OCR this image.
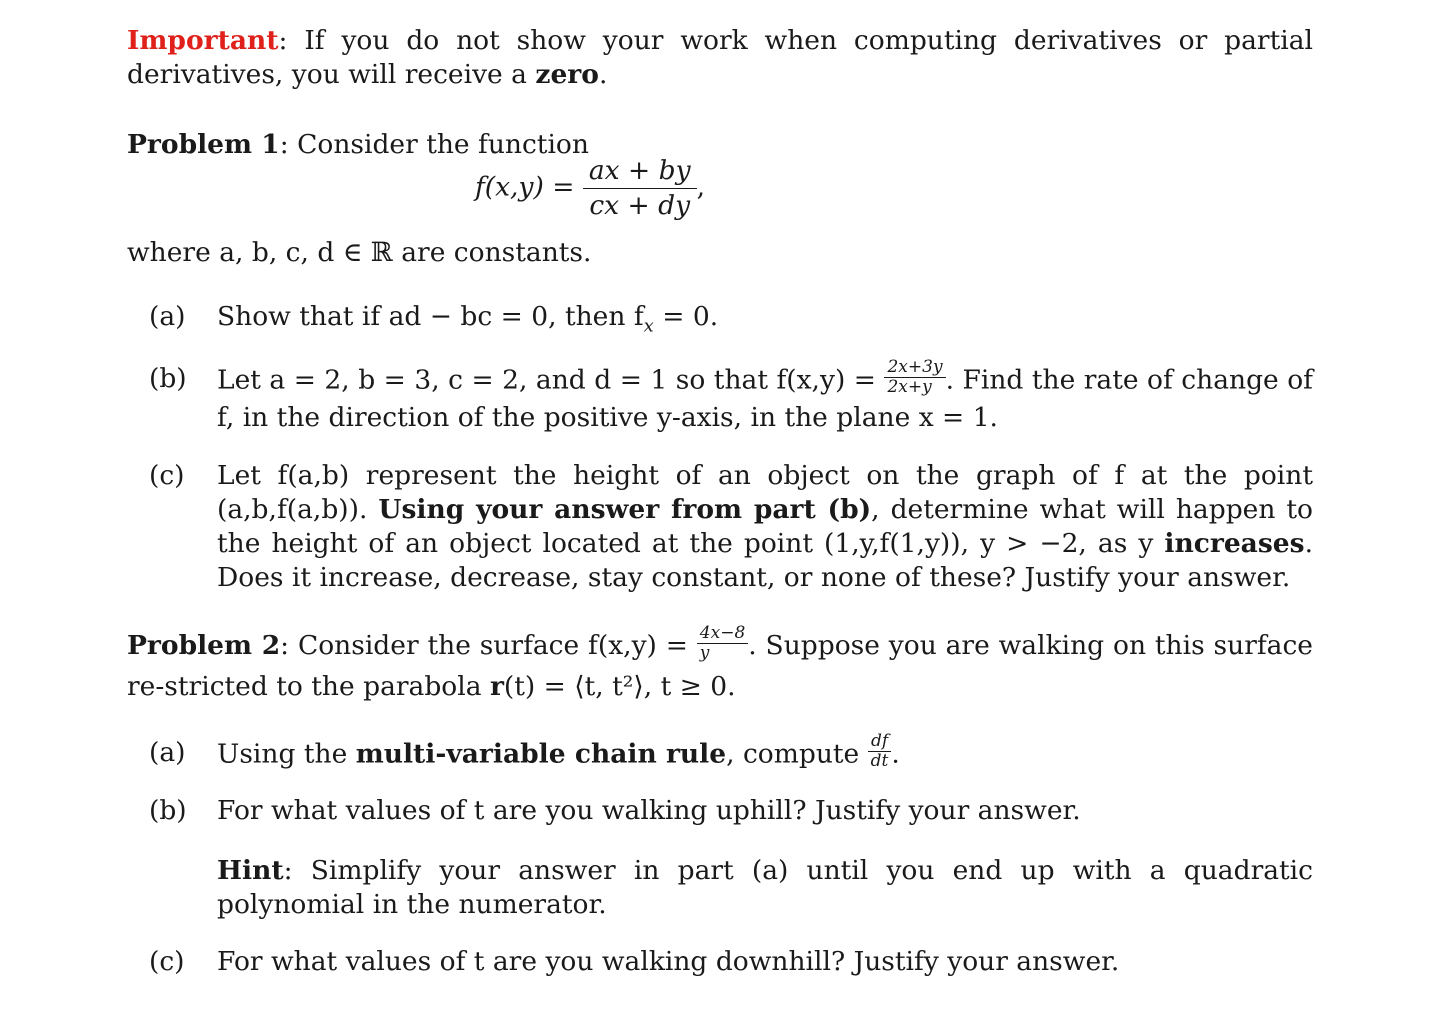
Important: If you do not show your work when computing derivatives or partial derivatives, you will receive a zero.
Problem 1: Consider the function
$f(x,y) = \frac{ax + by}{cx + dy}$ ,
where a, b, c, d ∈ ℝ are constants.
(a)	Show that if ad − bc = 0, then $f_x = 0$.
(b)	Let a = 2, b = 3, c = 2, and d = 1 so that $f(x,y) = \frac{2x+3y}{2x+y}$ . Find the rate of change of f, in the direction of the positive y-axis, in the plane x = 1.
(c)	Let f(a,b) represent the height of an object on the graph of f at the point (a,b,f(a,b)). Using your answer from part (b), determine what will happen to the height of an object located at the point (1,y,f(1,y)), y > −2, as y increases. Does it increase, decrease, stay constant, or none of these? Justify your answer.
Problem 2: Consider the surface $f(x,y) = \frac{4x-8}{y}$ . Suppose you are walking on this surface re-stricted to the parabola r(t) = ⟨t, t²⟩, t ≥ 0.
(a)	Using the multi-variable chain rule, compute $\frac{df}{dt}$ .
(b)	For what values of t are you walking uphill? Justify your answer.
Hint: Simplify your answer in part (a) until you end up with a quadratic polynomial in the numerator.
(c)	For what values of t are you walking downhill? Justify your answer.
